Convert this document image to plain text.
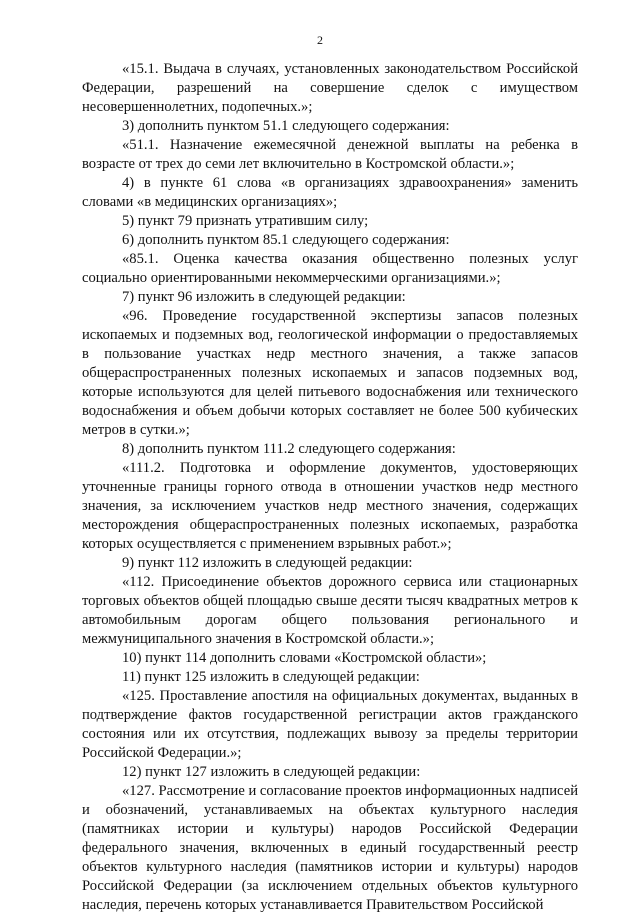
2

«15.1. Выдача в случаях, установленных законодательством Российской Федерации, разрешений на совершение сделок с имуществом несовершеннолетних, подопечных.»;

3) дополнить пунктом 51.1 следующего содержания:

«51.1. Назначение ежемесячной денежной выплаты на ребенка в возрасте от трех до семи лет включительно в Костромской области.»;

4) в пункте 61 слова «в организациях здравоохранения» заменить словами «в медицинских организациях»;

5) пункт 79 признать утратившим силу;

6) дополнить пунктом 85.1 следующего содержания:

«85.1. Оценка качества оказания общественно полезных услуг социально ориентированными некоммерческими организациями.»;

7) пункт 96 изложить в следующей редакции:

«96. Проведение государственной экспертизы запасов полезных ископаемых и подземных вод, геологической информации о предоставляемых в пользование участках недр местного значения, а также запасов общераспространенных полезных ископаемых и запасов подземных вод, которые используются для целей питьевого водоснабжения или технического водоснабжения и объем добычи которых составляет не более 500 кубических метров в сутки.»;

8) дополнить пунктом 111.2 следующего содержания:

«111.2. Подготовка и оформление документов, удостоверяющих уточненные границы горного отвода в отношении участков недр местного значения, за исключением участков недр местного значения, содержащих месторождения общераспространенных полезных ископаемых, разработка которых осуществляется с применением взрывных работ.»;

9) пункт 112 изложить в следующей редакции:

«112. Присоединение объектов дорожного сервиса или стационарных торговых объектов общей площадью свыше десяти тысяч квадратных метров к автомобильным дорогам общего пользования регионального и межмуниципального значения в Костромской области.»;

10) пункт 114 дополнить словами «Костромской области»;

11) пункт 125 изложить в следующей редакции:

«125. Проставление апостиля на официальных документах, выданных в подтверждение фактов государственной регистрации актов гражданского состояния или их отсутствия, подлежащих вывозу за пределы территории Российской Федерации.»;

12) пункт 127 изложить в следующей редакции:

«127. Рассмотрение и согласование проектов информационных надписей и обозначений, устанавливаемых на объектах культурного наследия (памятниках истории и культуры) народов Российской Федерации федерального значения, включенных в единый государственный реестр объектов культурного наследия (памятников истории и культуры) народов Российской Федерации (за исключением отдельных объектов культурного наследия, перечень которых устанавливается Правительством Российской
